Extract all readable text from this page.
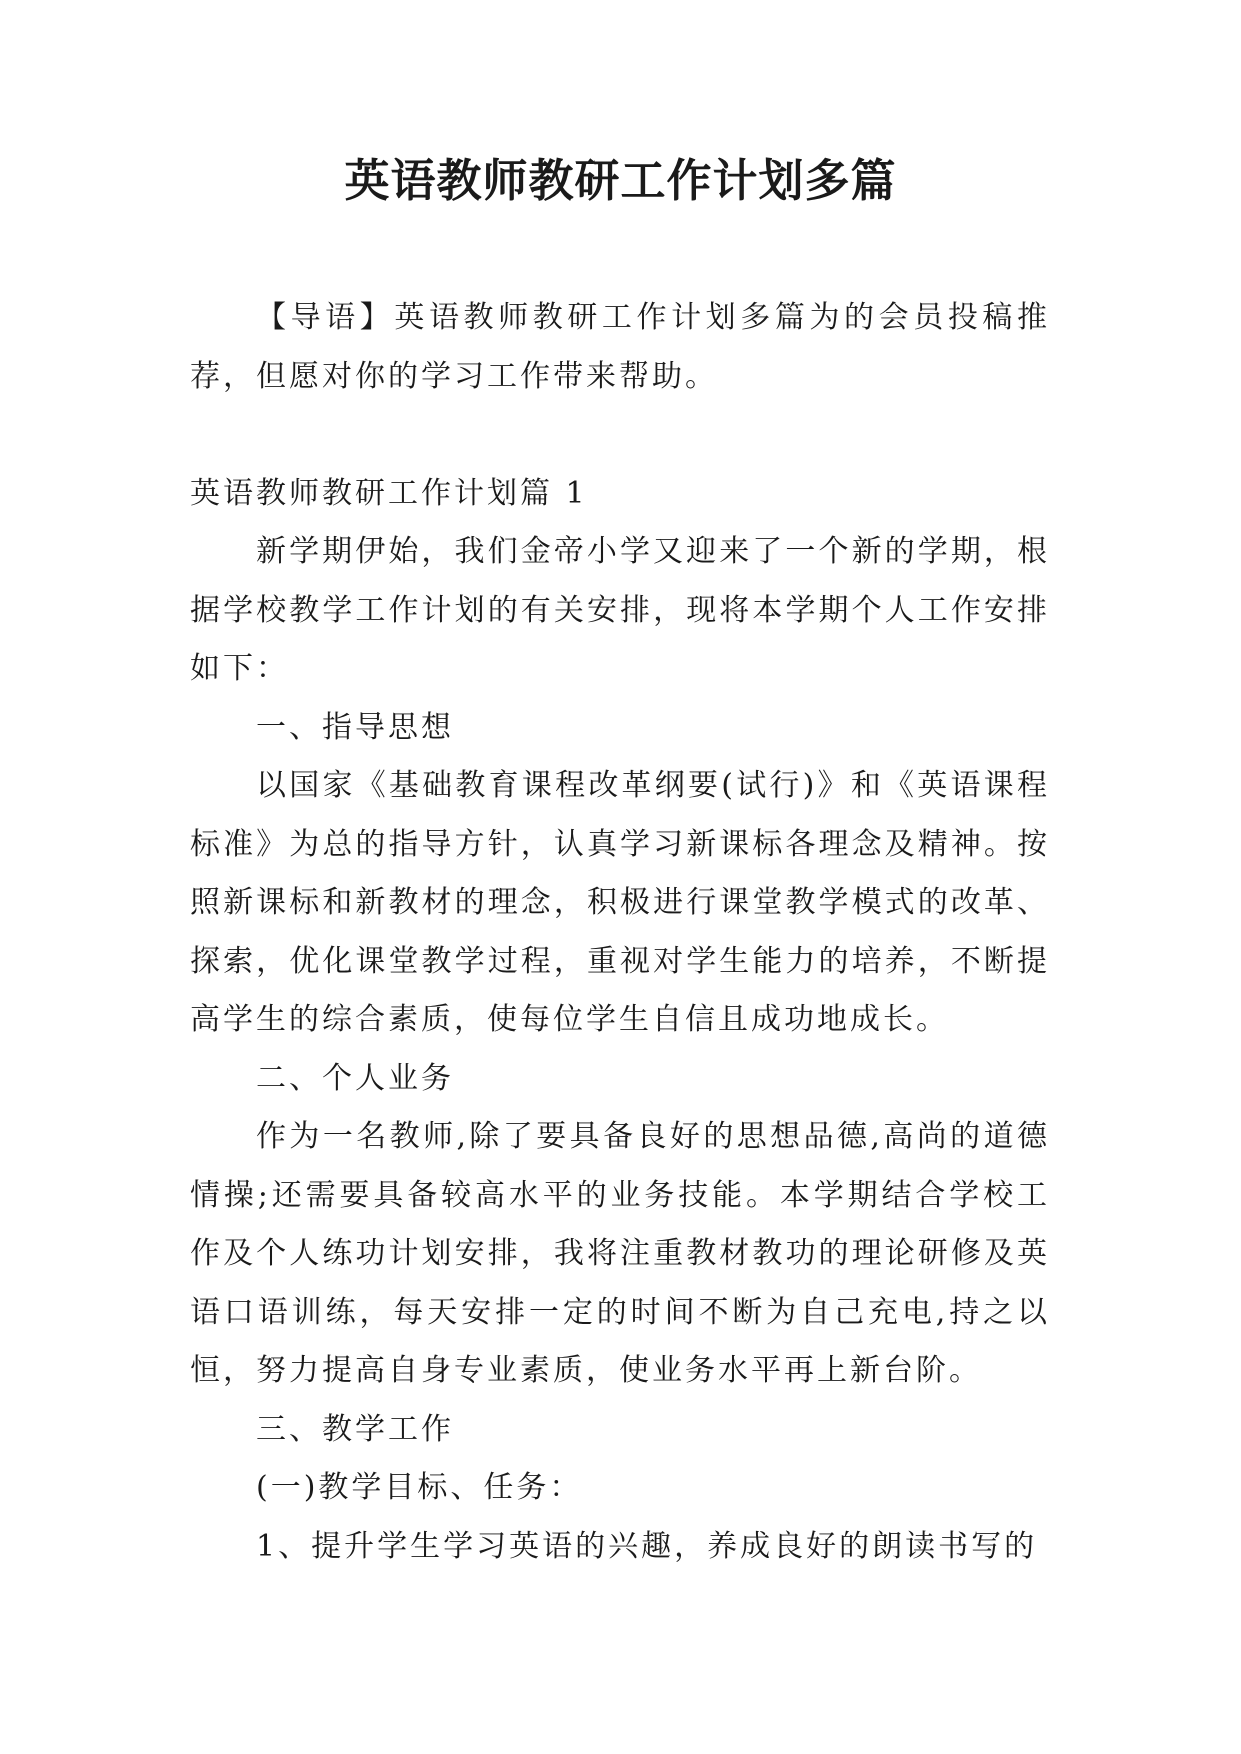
英语教师教研工作计划多篇

【导语】英语教师教研工作计划多篇为的会员投稿推荐，但愿对你的学习工作带来帮助。

英语教师教研工作计划篇 1

新学期伊始，我们金帝小学又迎来了一个新的学期，根据学校教学工作计划的有关安排，现将本学期个人工作安排如下：

一、指导思想

以国家《基础教育课程改革纲要(试行)》和《英语课程标准》为总的指导方针，认真学习新课标各理念及精神。按照新课标和新教材的理念，积极进行课堂教学模式的改革、探索，优化课堂教学过程，重视对学生能力的培养，不断提高学生的综合素质，使每位学生自信且成功地成长。

二、个人业务

作为一名教师,除了要具备良好的思想品德,高尚的道德情操;还需要具备较高水平的业务技能。本学期结合学校工作及个人练功计划安排，我将注重教材教功的理论研修及英语口语训练，每天安排一定的时间不断为自己充电,持之以恒，努力提高自身专业素质，使业务水平再上新台阶。

三、教学工作

(一)教学目标、任务：

1、提升学生学习英语的兴趣，养成良好的朗读书写的
